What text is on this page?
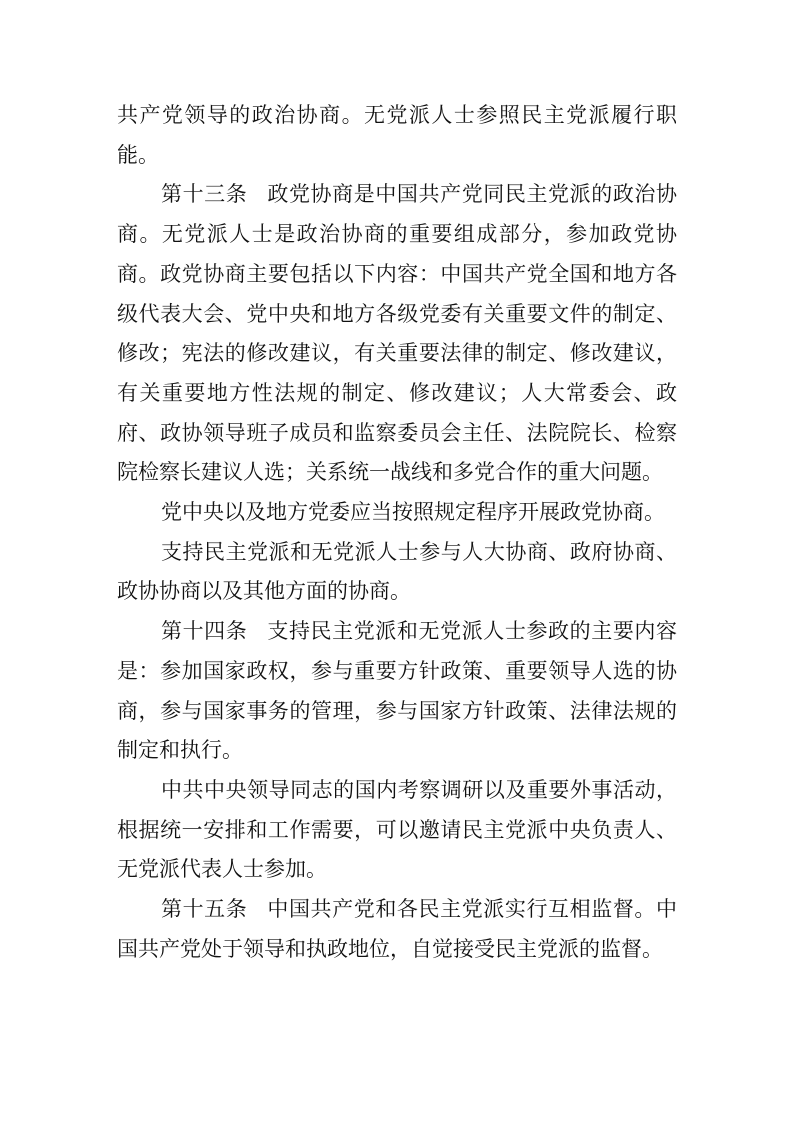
共产党领导的政治协商。无党派人士参照民主党派履行职能。

第十三条 政党协商是中国共产党同民主党派的政治协商。无党派人士是政治协商的重要组成部分，参加政党协商。政党协商主要包括以下内容：中国共产党全国和地方各级代表大会、党中央和地方各级党委有关重要文件的制定、修改；宪法的修改建议，有关重要法律的制定、修改建议，有关重要地方性法规的制定、修改建议；人大常委会、政府、政协领导班子成员和监察委员会主任、法院院长、检察院检察长建议人选；关系统一战线和多党合作的重大问题。

党中央以及地方党委应当按照规定程序开展政党协商。

支持民主党派和无党派人士参与人大协商、政府协商、政协协商以及其他方面的协商。

第十四条 支持民主党派和无党派人士参政的主要内容是：参加国家政权，参与重要方针政策、重要领导人选的协商，参与国家事务的管理，参与国家方针政策、法律法规的制定和执行。

中共中央领导同志的国内考察调研以及重要外事活动，根据统一安排和工作需要，可以邀请民主党派中央负责人、无党派代表人士参加。

第十五条 中国共产党和各民主党派实行互相监督。中国共产党处于领导和执政地位，自觉接受民主党派的监督。
